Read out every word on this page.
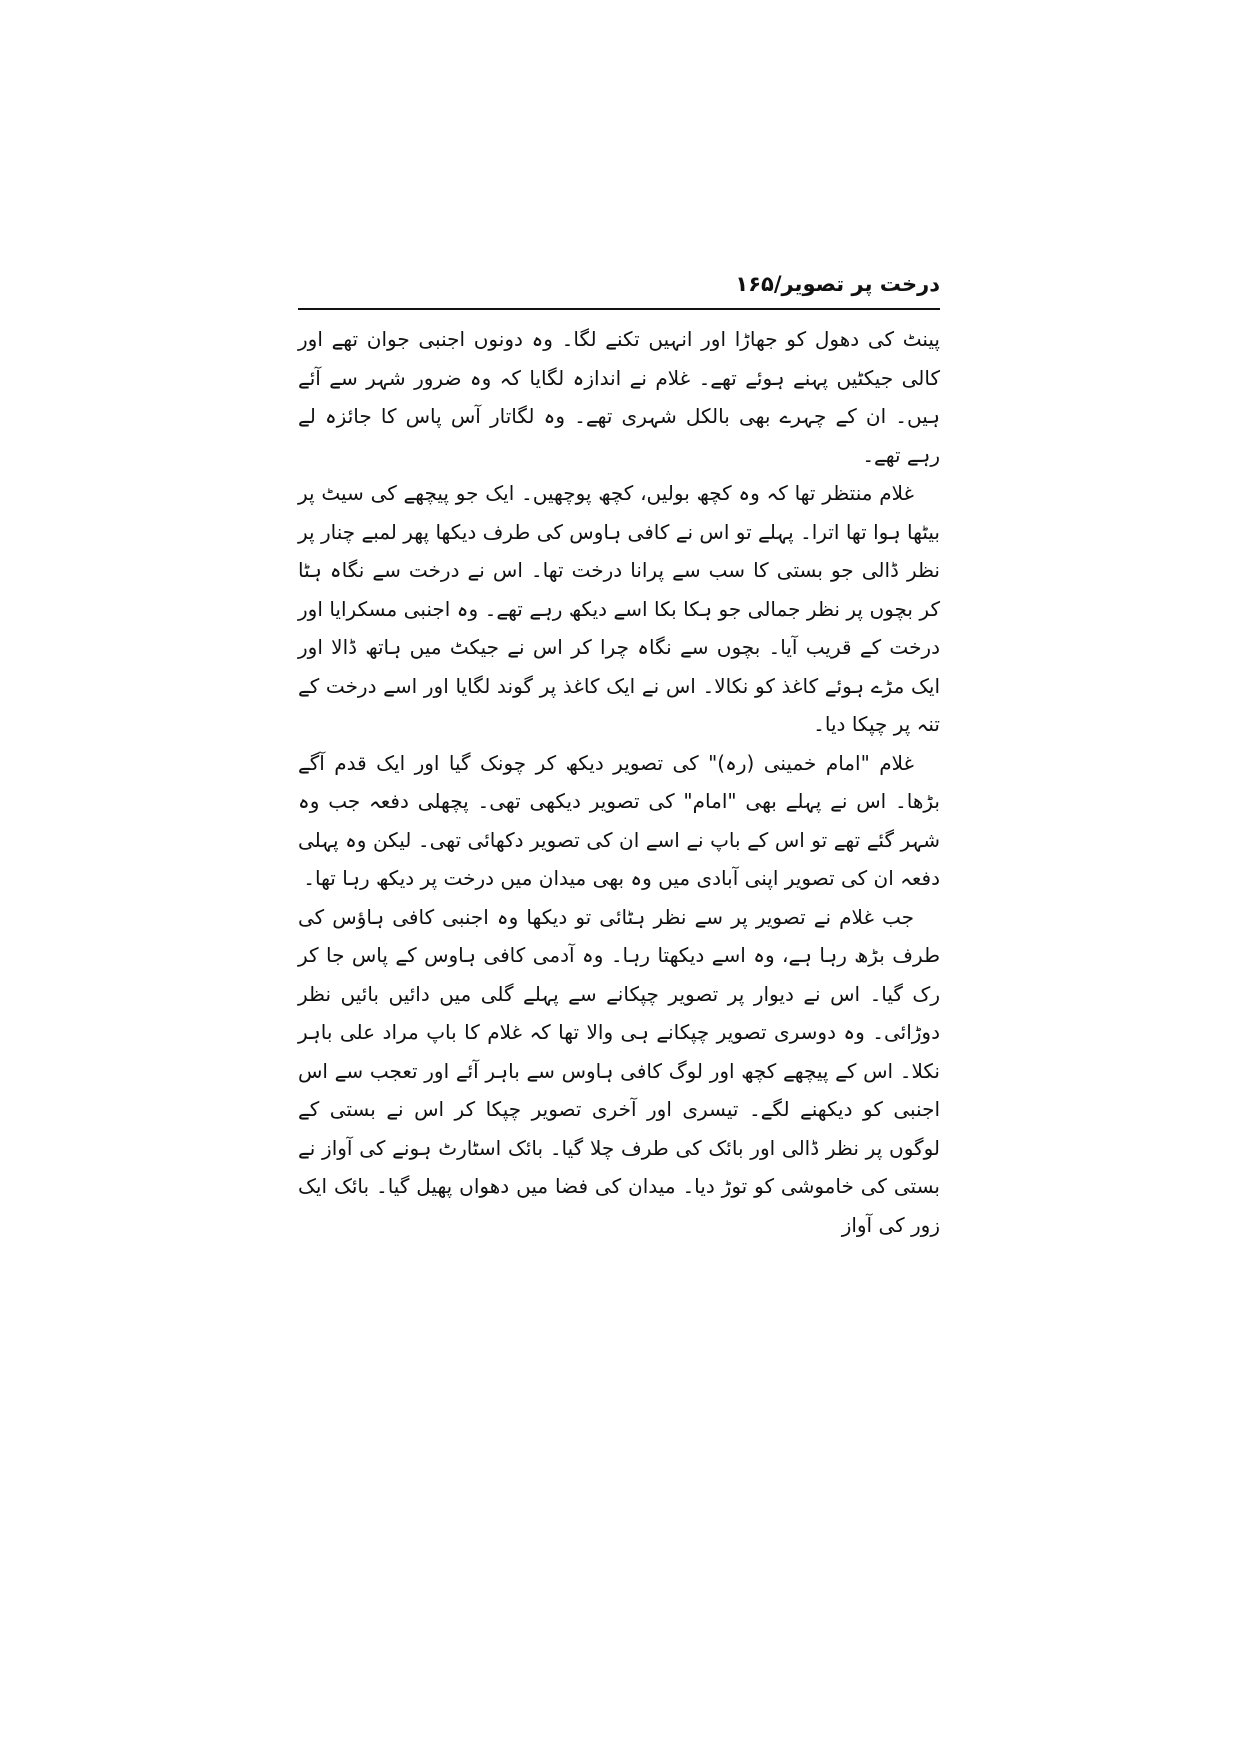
درخت پر تصویر/۱۶۵

پینٹ کی دھول کو جھاڑا اور انہیں تکنے لگا۔ وہ دونوں اجنبی جوان تھے اور کالی جیکٹیں پہنے ہوئے تھے۔ غلام نے اندازہ لگایا کہ وہ ضرور شہر سے آئے ہیں۔ ان کے چہرے بھی بالکل شہری تھے۔ وہ لگاتار آس پاس کا جائزہ لے رہے تھے۔

غلام منتظر تھا کہ وہ کچھ بولیں، کچھ پوچھیں۔ ایک جو پیچھے کی سیٹ پر بیٹھا ہوا تھا اترا۔ پہلے تو اس نے کافی ہاوس کی طرف دیکھا پھر لمبے چنار پر نظر ڈالی جو بستی کا سب سے پرانا درخت تھا۔ اس نے درخت سے نگاہ ہٹا کر بچوں پر نظر جمالی جو ہکا بکا اسے دیکھ رہے تھے۔ وہ اجنبی مسکرایا اور درخت کے قریب آیا۔ بچوں سے نگاہ چرا کر اس نے جیکٹ میں ہاتھ ڈالا اور ایک مڑے ہوئے کاغذ کو نکالا۔ اس نے ایک کاغذ پر گوند لگایا اور اسے درخت کے تنہ پر چپکا دیا۔

غلام "امام خمینی (رہ)" کی تصویر دیکھ کر چونک گیا اور ایک قدم آگے بڑھا۔ اس نے پہلے بھی "امام" کی تصویر دیکھی تھی۔ پچھلی دفعہ جب وہ شہر گئے تھے تو اس کے باپ نے اسے ان کی تصویر دکھائی تھی۔ لیکن وہ پہلی دفعہ ان کی تصویر اپنی آبادی میں وہ بھی میدان میں درخت پر دیکھ رہا تھا۔

جب غلام نے تصویر پر سے نظر ہٹائی تو دیکھا وہ اجنبی کافی ہاؤس کی طرف بڑھ رہا ہے، وہ اسے دیکھتا رہا۔ وہ آدمی کافی ہاوس کے پاس جا کر رک گیا۔ اس نے دیوار پر تصویر چپکانے سے پہلے گلی میں دائیں بائیں نظر دوڑائی۔ وہ دوسری تصویر چپکانے ہی والا تھا کہ غلام کا باپ مراد علی باہر نکلا۔ اس کے پیچھے کچھ اور لوگ کافی ہاوس سے باہر آئے اور تعجب سے اس اجنبی کو دیکھنے لگے۔ تیسری اور آخری تصویر چپکا کر اس نے بستی کے لوگوں پر نظر ڈالی اور بائک کی طرف چلا گیا۔ بائک اسٹارٹ ہونے کی آواز نے بستی کی خاموشی کو توڑ دیا۔ میدان کی فضا میں دھواں پھیل گیا۔ بائک ایک زور کی آواز
